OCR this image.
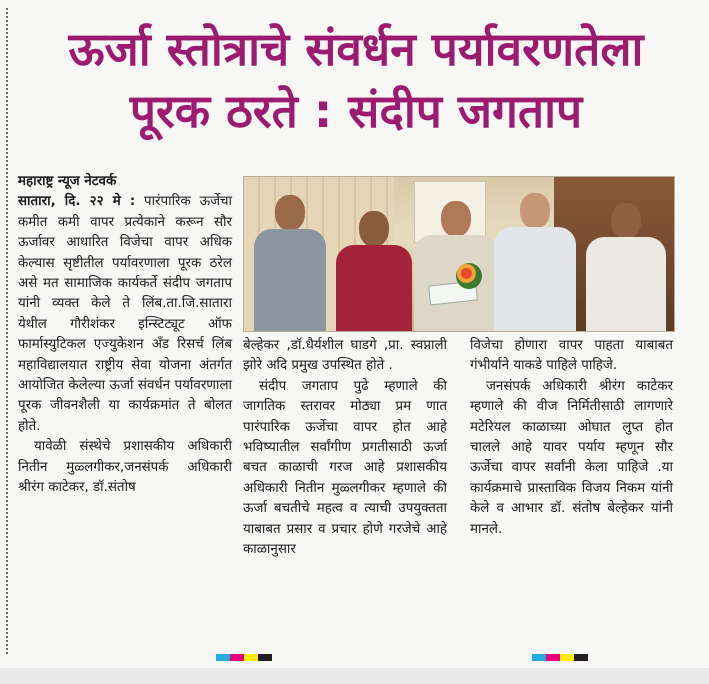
ऊर्जा स्तोत्राचे संवर्धन पर्यावरणतेला
पूरक ठरते : संदीप जगताप

महाराष्ट्र न्यूज नेटवर्क

सातारा, दि. २२ मे : पारंपारिक ऊर्जेचा कमीत कमी वापर प्रत्येकाने करून सौर ऊर्जावर आधारित विजेचा वापर अधिक केल्यास सृष्टीतील पर्यावरणाला पूरक ठरेल असे मत सामाजिक कार्यकर्ते संदीप जगताप यांनी व्यक्त केले ते लिंब.ता.जि.सातारा येथील गौरीशंकर इन्स्टिट्यूट ऑफ फार्मास्युटिकल एज्युकेशन अँड रिसर्च लिंब महाविद्यालयात राष्ट्रीय सेवा योजना अंतर्गत आयोजित केलेल्या ऊर्जा संवर्धन पर्यावरणाला पूरक जीवनशैली या कार्यक्रमांत ते बोलत होते.

यावेळी संस्थेचे प्रशासकीय अधिकारी नितीन मुळ्लगीकर,जनसंपर्क अधिकारी श्रीरंग काटेकर, डॉ.संतोष

बेल्हेकर ,डॉ.धैर्यशील घाडगे ,प्रा. स्वप्नाली झोरे अदि प्रमुख उपस्थित होते .

संदीप जगताप पुढे म्हणाले की जागतिक स्तरावर मोठ्या प्रम णात पारंपारिक ऊर्जेचा वापर होत आहे भविष्यातील सर्वांगीण प्रगतीसाठी ऊर्जा बचत काळाची गरज आहे प्रशासकीय अधिकारी नितीन मुळ्लगीकर म्हणाले की ऊर्जा बचतीचे महत्व व त्याची उपयुक्तता याबाबत प्रसार व प्रचार होणे गरजेचे आहे काळानुसार

विजेचा होणारा वापर पाहता याबाबत गंभीर्याने याकडे पाहिले पाहिजे.

जनसंपर्क अधिकारी श्रीरंग काटेकर म्हणाले की वीज निर्मितीसाठी लागणारे मटेरियल काळाच्या ओघात लुप्त होत चालले आहे यावर पर्याय म्हणून सौर ऊर्जेचा वापर सर्वांनी केला पाहिजे .या कार्यक्रमाचे प्रास्ताविक विजय निकम यांनी केले व आभार डॉ. संतोष बेल्हेकर यांनी मानले.
